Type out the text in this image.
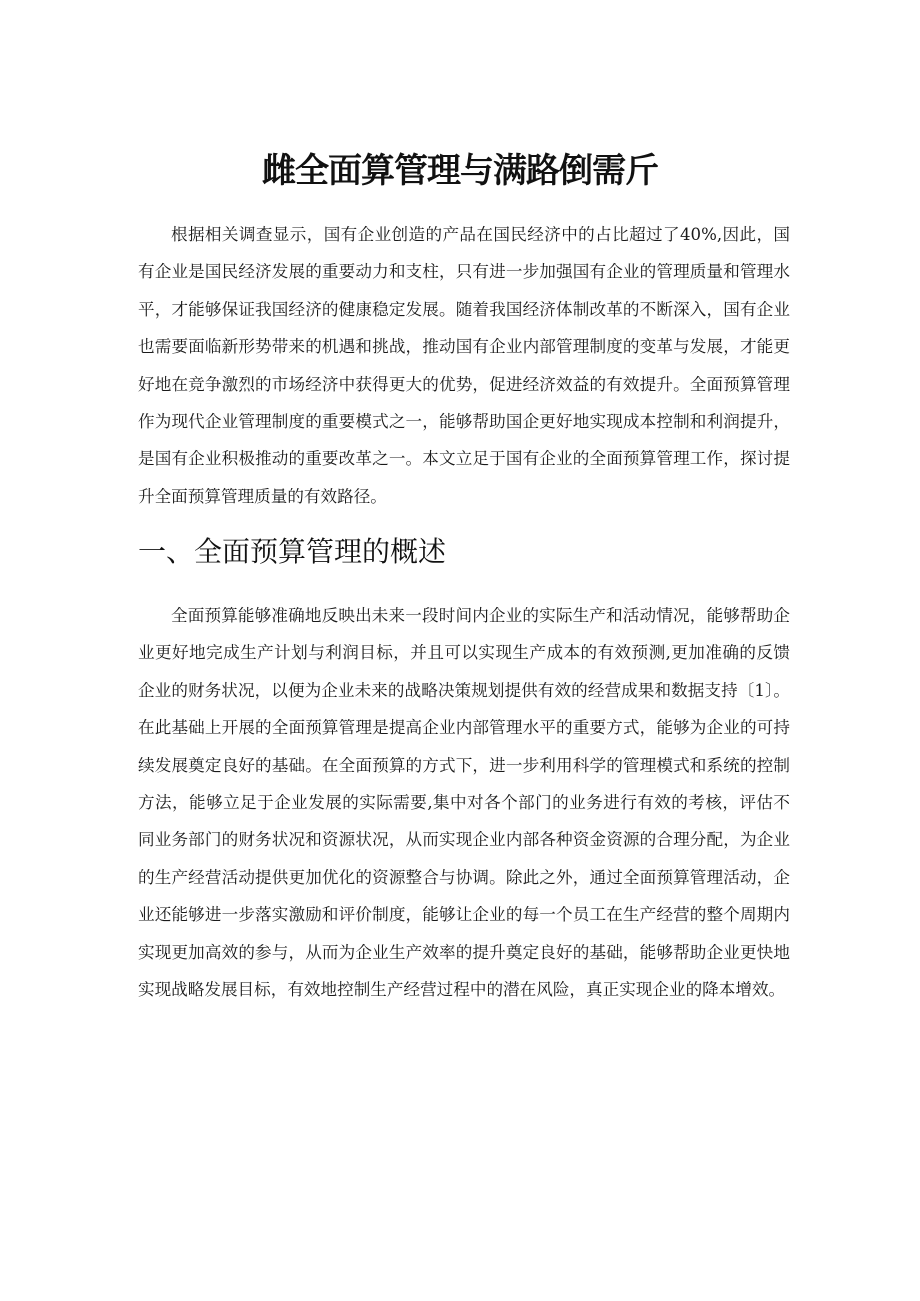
雌全面算管理与满路倒需斤

根据相关调查显示，国有企业创造的产品在国民经济中的占比超过了40%,因此，国有企业是国民经济发展的重要动力和支柱，只有进一步加强国有企业的管理质量和管理水平，才能够保证我国经济的健康稳定发展。随着我国经济体制改革的不断深入，国有企业也需要面临新形势带来的机遇和挑战，推动国有企业内部管理制度的变革与发展，才能更好地在竞争激烈的市场经济中获得更大的优势，促进经济效益的有效提升。全面预算管理作为现代企业管理制度的重要模式之一，能够帮助国企更好地实现成本控制和利润提升，是国有企业积极推动的重要改革之一。本文立足于国有企业的全面预算管理工作，探讨提升全面预算管理质量的有效路径。

一、全面预算管理的概述

全面预算能够准确地反映出未来一段时间内企业的实际生产和活动情况，能够帮助企业更好地完成生产计划与利润目标，并且可以实现生产成本的有效预测,更加准确的反馈企业的财务状况，以便为企业未来的战略决策规划提供有效的经营成果和数据支持〔1〕。在此基础上开展的全面预算管理是提高企业内部管理水平的重要方式，能够为企业的可持续发展奠定良好的基础。在全面预算的方式下，进一步利用科学的管理模式和系统的控制方法，能够立足于企业发展的实际需要,集中对各个部门的业务进行有效的考核，评估不同业务部门的财务状况和资源状况，从而实现企业内部各种资金资源的合理分配，为企业的生产经营活动提供更加优化的资源整合与协调。除此之外，通过全面预算管理活动，企业还能够进一步落实激励和评价制度，能够让企业的每一个员工在生产经营的整个周期内实现更加高效的参与，从而为企业生产效率的提升奠定良好的基础，能够帮助企业更快地实现战略发展目标，有效地控制生产经营过程中的潜在风险，真正实现企业的降本增效。
